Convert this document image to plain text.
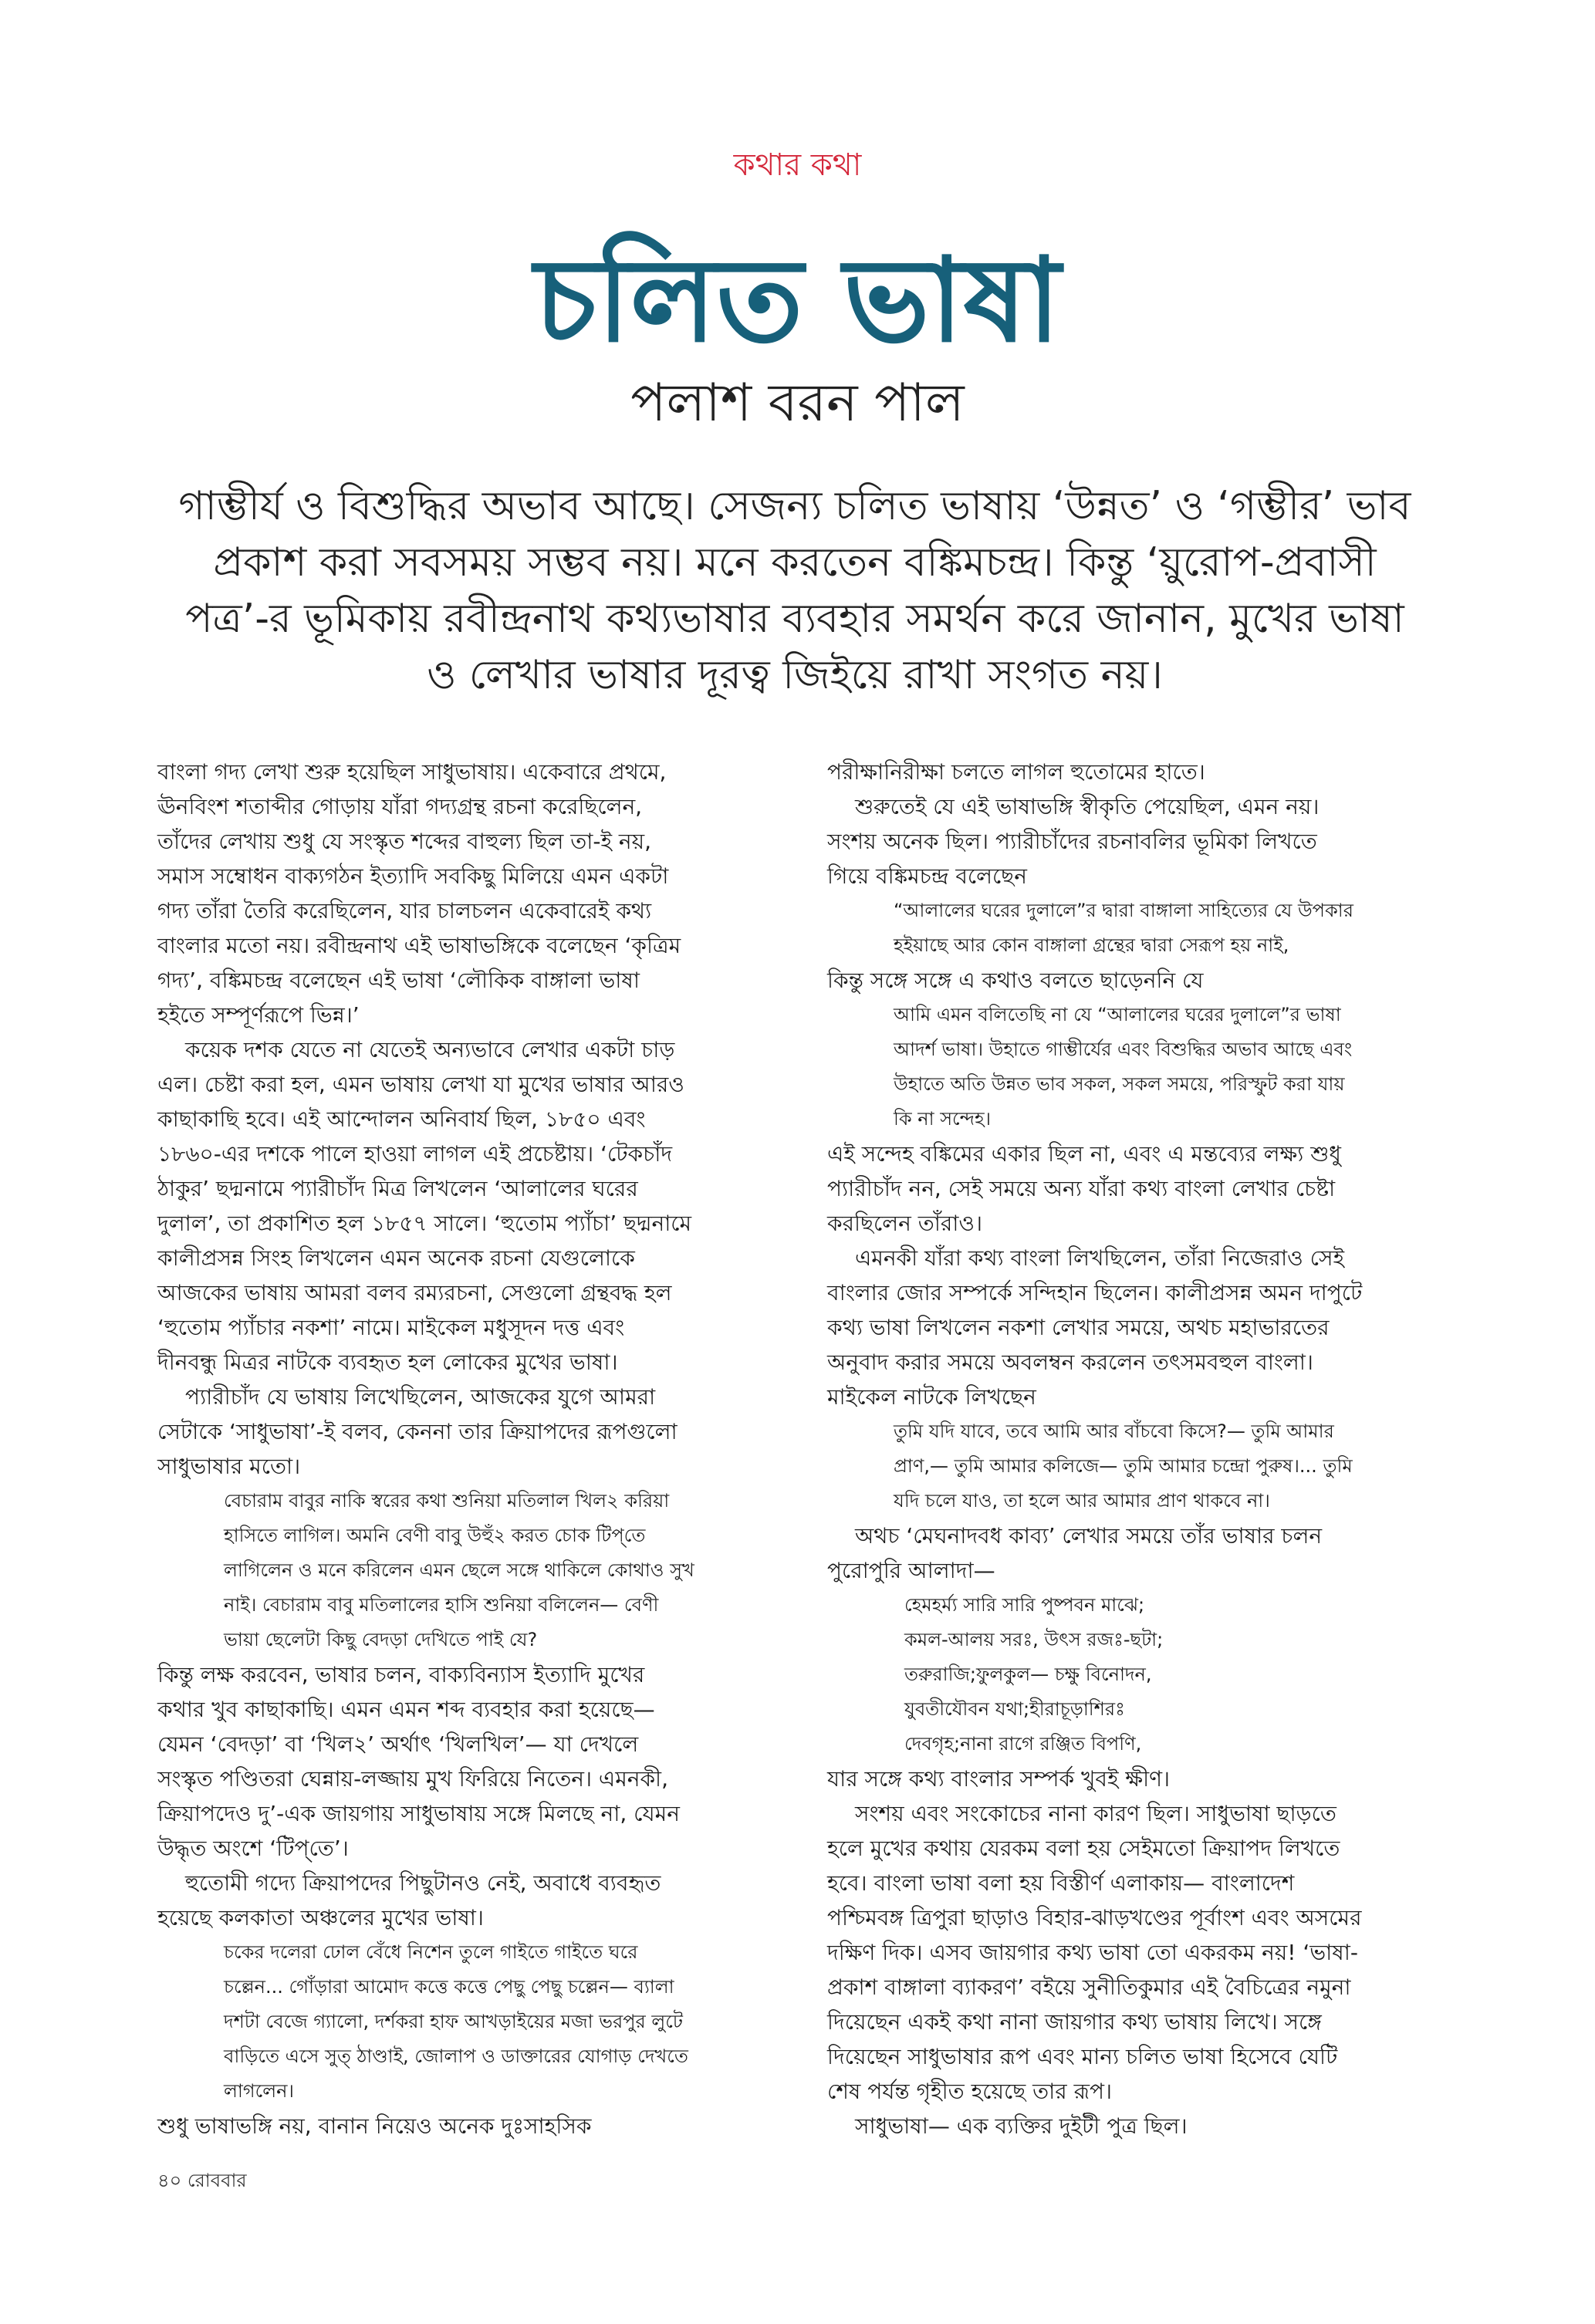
কথার কথা
চলিত ভাষা
পলাশ বরন পাল
গাম্ভীর্য ও বিশুদ্ধির অভাব আছে। সেজন্য চলিত ভাষায় ‘উন্নত’ ও ‘গম্ভীর’ ভাব
প্রকাশ করা সবসময় সম্ভব নয়। মনে করতেন বঙ্কিমচন্দ্র। কিন্তু ‘য়ুরোপ-প্রবাসী
পত্র’-র ভূমিকায় রবীন্দ্রনাথ কথ্যভাষার ব্যবহার সমর্থন করে জানান, মুখের ভাষা
ও লেখার ভাষার দূরত্ব জিইয়ে রাখা সংগত নয়।
বাংলা গদ্য লেখা শুরু হয়েছিল সাধুভাষায়। একেবারে প্রথমে,
ঊনবিংশ শতাব্দীর গোড়ায় যাঁরা গদ্যগ্রন্থ রচনা করেছিলেন,
তাঁদের লেখায় শুধু যে সংস্কৃত শব্দের বাহুল্য ছিল তা-ই নয়,
সমাস সম্বোধন বাক্যগঠন ইত্যাদি সবকিছু মিলিয়ে এমন একটা
গদ্য তাঁরা তৈরি করেছিলেন, যার চালচলন একেবারেই কথ্য
বাংলার মতো নয়। রবীন্দ্রনাথ এই ভাষাভঙ্গিকে বলেছেন ‘কৃত্রিম
গদ্য’, বঙ্কিমচন্দ্র বলেছেন এই ভাষা ‘লৌকিক বাঙ্গালা ভাষা
হইতে সম্পূর্ণরূপে ভিন্ন।’
কয়েক দশক যেতে না যেতেই অন্যভাবে লেখার একটা চাড়
এল। চেষ্টা করা হল, এমন ভাষায় লেখা যা মুখের ভাষার আরও
কাছাকাছি হবে। এই আন্দোলন অনিবার্য ছিল, ১৮৫০ এবং
১৮৬০-এর দশকে পালে হাওয়া লাগল এই প্রচেষ্টায়। ‘টেকচাঁদ
ঠাকুর’ ছদ্মনামে প্যারীচাঁদ মিত্র লিখলেন ‘আলালের ঘরের
দুলাল’, তা প্রকাশিত হল ১৮৫৭ সালে। ‘হুতোম প্যাঁচা’ ছদ্মনামে
কালীপ্রসন্ন সিংহ লিখলেন এমন অনেক রচনা যেগুলোকে
আজকের ভাষায় আমরা বলব রম্যরচনা, সেগুলো গ্রন্থবদ্ধ হল
‘হুতোম প্যাঁচার নকশা’ নামে। মাইকেল মধুসূদন দত্ত এবং
দীনবন্ধু মিত্রর নাটকে ব্যবহৃত হল লোকের মুখের ভাষা।
প্যারীচাঁদ যে ভাষায় লিখেছিলেন, আজকের যুগে আমরা
সেটাকে ‘সাধুভাষা’-ই বলব, কেননা তার ক্রিয়াপদের রূপগুলো
সাধুভাষার মতো।
বেচারাম বাবুর নাকি স্বরের কথা শুনিয়া মতিলাল খিল২ করিয়া
হাসিতে লাগিল। অমনি বেণী বাবু উহুঁ২ করত চোক টিপ্‌তে
লাগিলেন ও মনে করিলেন এমন ছেলে সঙ্গে থাকিলে কোথাও সুখ
নাই। বেচারাম বাবু মতিলালের হাসি শুনিয়া বলিলেন— বেণী
ভায়া ছেলেটা কিছু বেদড়া দেখিতে পাই যে?
কিন্তু লক্ষ করবেন, ভাষার চলন, বাক্যবিন্যাস ইত্যাদি মুখের
কথার খুব কাছাকাছি। এমন এমন শব্দ ব্যবহার করা হয়েছে—
যেমন ‘বেদড়া’ বা ‘খিল২’ অর্থাৎ ‘খিলখিল’— যা দেখলে
সংস্কৃত পণ্ডিতরা ঘেন্নায়-লজ্জায় মুখ ফিরিয়ে নিতেন। এমনকী,
ক্রিয়াপদেও দু’-এক জায়গায় সাধুভাষায় সঙ্গে মিলছে না, যেমন
উদ্ধৃত অংশে ‘টিপ্‌তে’।
হুতোমী গদ্যে ক্রিয়াপদের পিছুটানও নেই, অবাধে ব্যবহৃত
হয়েছে কলকাতা অঞ্চলের মুখের ভাষা।
চকের দলেরা ঢোল বেঁধে নিশেন তুলে গাইতে গাইতে ঘরে
চল্লেন... গোঁড়ারা আমোদ কত্তে কত্তে পেছু পেছু চল্লেন— ব্যালা
দশটা বেজে গ্যালো, দর্শকরা হাফ আখড়াইয়ের মজা ভরপুর লুটে
বাড়িতে এসে সুত্‌ ঠাণ্ডাই, জোলাপ ও ডাক্তারের যোগাড় দেখতে
লাগলেন।
শুধু ভাষাভঙ্গি নয়, বানান নিয়েও অনেক দুঃসাহসিক
পরীক্ষানিরীক্ষা চলতে লাগল হুতোমের হাতে।
শুরুতেই যে এই ভাষাভঙ্গি স্বীকৃতি পেয়েছিল, এমন নয়।
সংশয় অনেক ছিল। প্যারীচাঁদের রচনাবলির ভূমিকা লিখতে
গিয়ে বঙ্কিমচন্দ্র বলেছেন
“আলালের ঘরের দুলালে”র দ্বারা বাঙ্গালা সাহিত্যের যে উপকার
হইয়াছে আর কোন বাঙ্গালা গ্রন্থের দ্বারা সেরূপ হয় নাই,
কিন্তু সঙ্গে সঙ্গে এ কথাও বলতে ছাড়েননি যে
আমি এমন বলিতেছি না যে “আলালের ঘরের দুলালে”র ভাষা
আদর্শ ভাষা। উহাতে গাম্ভীর্যের এবং বিশুদ্ধির অভাব আছে এবং
উহাতে অতি উন্নত ভাব সকল, সকল সময়ে, পরিস্ফুট করা যায়
কি না সন্দেহ।
এই সন্দেহ বঙ্কিমের একার ছিল না, এবং এ মন্তব্যের লক্ষ্য শুধু
প্যারীচাঁদ নন, সেই সময়ে অন্য যাঁরা কথ্য বাংলা লেখার চেষ্টা
করছিলেন তাঁরাও।
এমনকী যাঁরা কথ্য বাংলা লিখছিলেন, তাঁরা নিজেরাও সেই
বাংলার জোর সম্পর্কে সন্দিহান ছিলেন। কালীপ্রসন্ন অমন দাপুটে
কথ্য ভাষা লিখলেন নকশা লেখার সময়ে, অথচ মহাভারতের
অনুবাদ করার সময়ে অবলম্বন করলেন তৎসমবহুল বাংলা।
মাইকেল নাটকে লিখছেন
তুমি যদি যাবে, তবে আমি আর বাঁচবো কিসে?— তুমি আমার
প্রাণ,— তুমি আমার কলিজে— তুমি আমার চন্দ্রো পুরুষ।... তুমি
যদি চলে যাও, তা হলে আর আমার প্রাণ থাকবে না।
অথচ ‘মেঘনাদবধ কাব্য’ লেখার সময়ে তাঁর ভাষার চলন
পুরোপুরি আলাদা—
হেমহর্ম্য সারি সারি পুষ্পবন মাঝে;
কমল-আলয় সরঃ, উৎস রজঃ-ছটা;
তরুরাজি;ফুলকুল— চক্ষু বিনোদন,
যুবতীযৌবন যথা;হীরাচূড়াশিরঃ
দেবগৃহ;নানা রাগে রঞ্জিত বিপণি,
যার সঙ্গে কথ্য বাংলার সম্পর্ক খুবই ক্ষীণ।
সংশয় এবং সংকোচের নানা কারণ ছিল। সাধুভাষা ছাড়তে
হলে মুখের কথায় যেরকম বলা হয় সেইমতো ক্রিয়াপদ লিখতে
হবে। বাংলা ভাষা বলা হয় বিস্তীর্ণ এলাকায়— বাংলাদেশ
পশ্চিমবঙ্গ ত্রিপুরা ছাড়াও বিহার-ঝাড়খণ্ডের পূর্বাংশ এবং অসমের
দক্ষিণ দিক। এসব জায়গার কথ্য ভাষা তো একরকম নয়! ‘ভাষা-
প্রকাশ বাঙ্গালা ব্যাকরণ’ বইয়ে সুনীতিকুমার এই বৈচিত্রের নমুনা
দিয়েছেন একই কথা নানা জায়গার কথ্য ভাষায় লিখে। সঙ্গে
দিয়েছেন সাধুভাষার রূপ এবং মান্য চলিত ভাষা হিসেবে যেটি
শেষ পর্যন্ত গৃহীত হয়েছে তার রূপ।
সাধুভাষা— এক ব্যক্তির দুইটী পুত্র ছিল।
৪০ রোববার
